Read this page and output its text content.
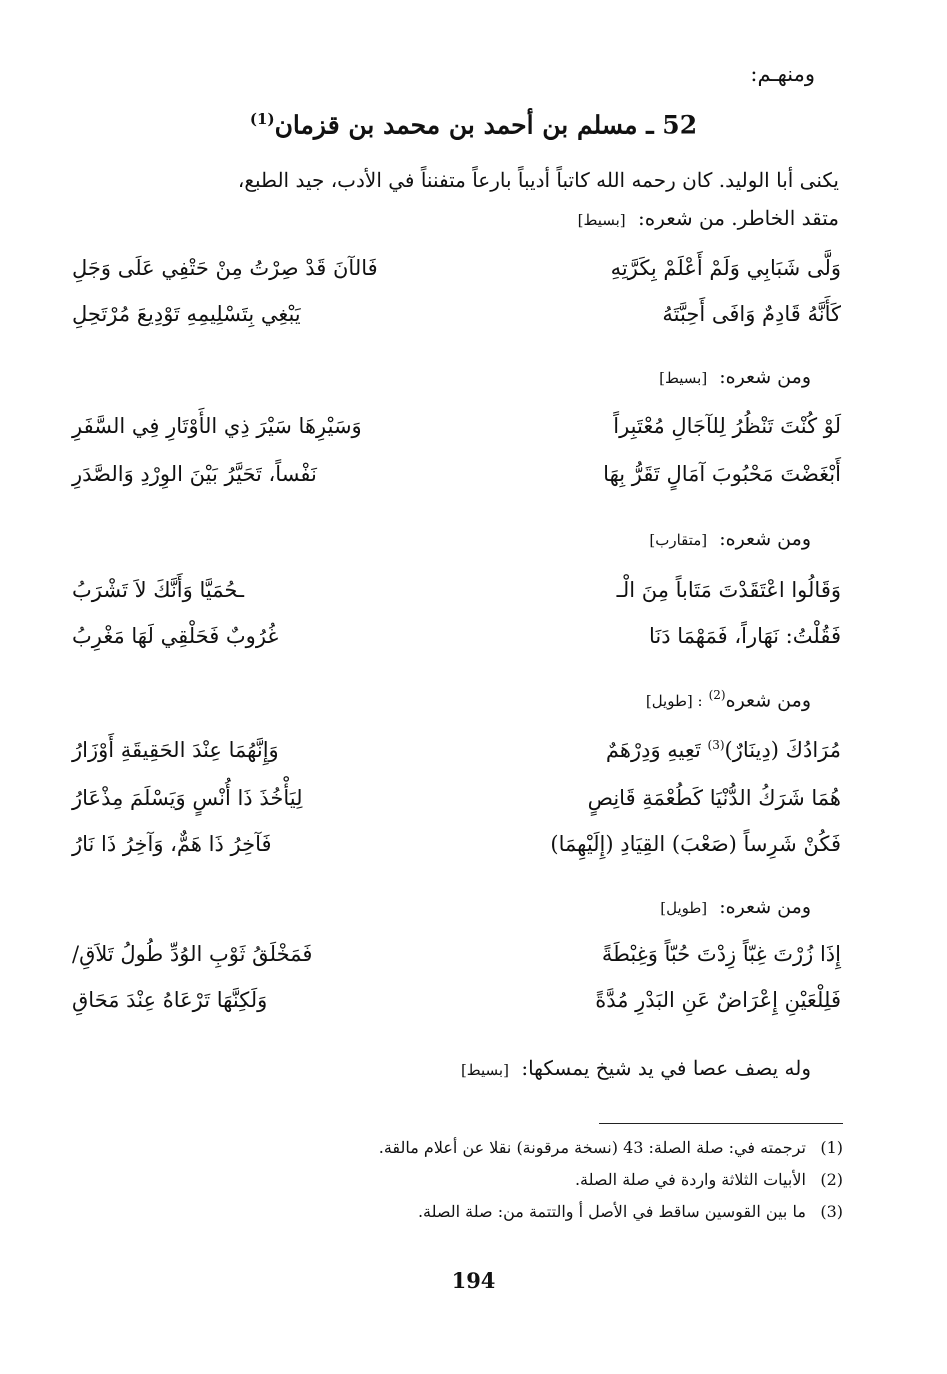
ومنهـم:
52 ـ مسلم بن أحمد بن محمد بن قزمان$^{(1)}$
يكنى أبا الوليد. كان رحمه الله كاتباً أديباً بارعاً متفنناً في الأدب، جيد الطبع،
متقد الخاطر. من شعره: [بسيط]
وَلَّى شَبَابِي وَلَمْ أَعْلَمْ بِكَرَّتِهِ
فَالآنَ قَدْ صِرْتُ مِنْ حَتْفِي عَلَى وَجَلِ
كَأَنَّهُ قَادِمٌ وَافَى أَحِبَّتَهُ
يَبْغِي بِتَسْلِيمِهِ تَوْدِيعَ مُرْتَحِلِ
ومن شعره: [بسيط]
لَوْ كُنْتَ تَنْظُرُ لِلآجَالِ مُعْتَبِراً
وَسَيْرِهَا سَيْرَ ذِي الأَوْتَارِ فِي السَّفَرِ
أَبْغَضْتَ مَحْبُوبَ آمَالٍ تَقَرُّ بِهَا
نَفْساً، تَحَيَّرُ بَيْنَ الوِرْدِ وَالصَّدَرِ
ومن شعره: [متقارب]
وَقَالُوا اعْتَقَدْتَ مَتَاباً مِنَ الْـ
ـحُمَيَّا وَأَنَّكَ لاَ تَشْرَبُ
فَقُلْتُ: نَهَاراً، فَمَهْمَا دَنَا
غُرُوبٌ فَحَلْقِي لَهَا مَغْرِبُ
ومن شعره$^{(2)}$: [طويل]
مُرَادُكَ (دِينَارٌ)$^{(3)}$ تَعِيهِ وَدِرْهَمٌ
وَإِنَّهُمَا عِنْدَ الحَقِيقَةِ أَوْزَارُ
هُمَا شَرَكُ الدُّنْيَا كَطُعْمَةِ قَانِصٍ
لِيَأْخُذَ ذَا أُنْسٍ وَيَسْلَمَ مِذْعَارُ
فَكُنْ شَرِساً (صَعْبَ) القِيَادِ (إِلَيْهِمَا)
فَآخِرُ ذَا هَمٌّ، وَآخِرُ ذَا نَارُ
ومن شعره: [طويل]
إِذَا زُرْتَ غِبّاً زِدْتَ حُبّاً وَغِبْطَةً
فَمَخْلَقُ ثَوْبِ الوُدِّ طُولُ تَلاَقِ/
فَلِلْعَيْنِ إِعْرَاضٌ عَنِ البَدْرِ مُدَّةً
وَلَكِنَّهَا تَرْعَاهُ عِنْدَ مَحَاقِ
وله يصف عصا في يد شيخ يمسكها: [بسيط]
(1) ترجمته في: صلة الصلة: 43 (نسخة مرقونة) نقلا عن أعلام مالقة.
(2) الأبيات الثلاثة واردة في صلة الصلة.
(3) ما بين القوسين ساقط في الأصل أ والتتمة من: صلة الصلة.
194
